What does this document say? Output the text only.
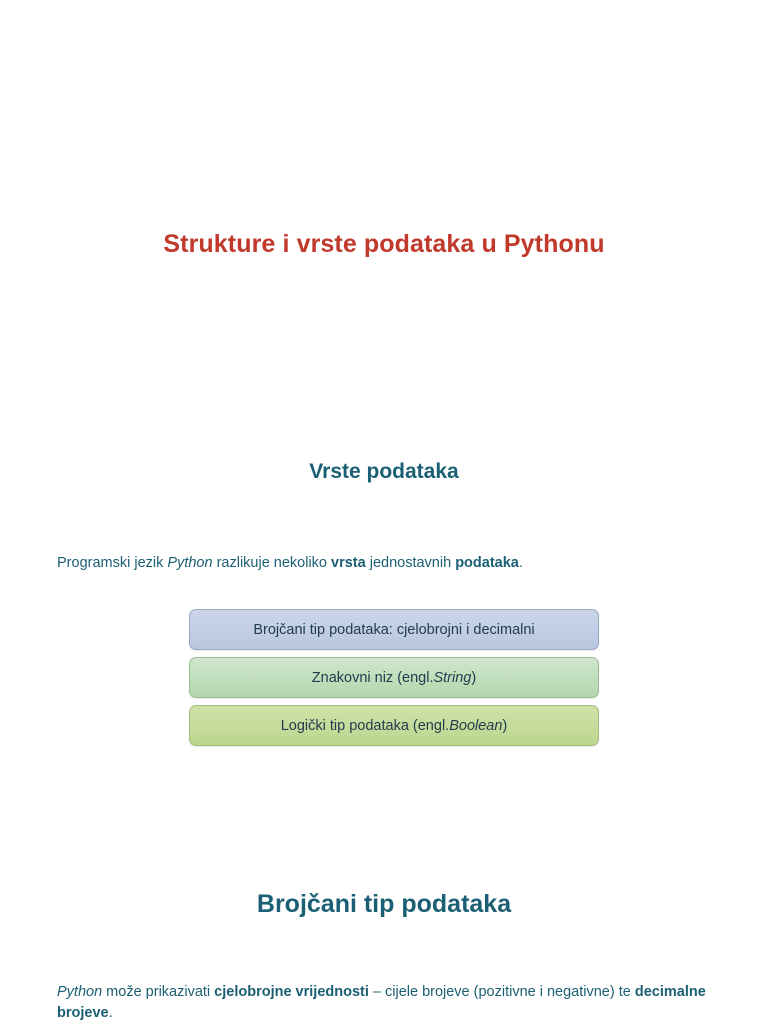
Strukture i vrste podataka u Pythonu
Vrste podataka

Programski jezik Python razlikuje nekoliko vrsta jednostavnih podataka.

Brojčani tip podataka: cjelobrojni i decimalni
Znakovni niz (engl. String )
Logički tip podataka (engl. Boolean )
Brojčani tip podataka

Python može prikazivati cjelobrojne vrijednosti – cijele brojeve (pozitivne i negativne) te decimalne brojeve.
